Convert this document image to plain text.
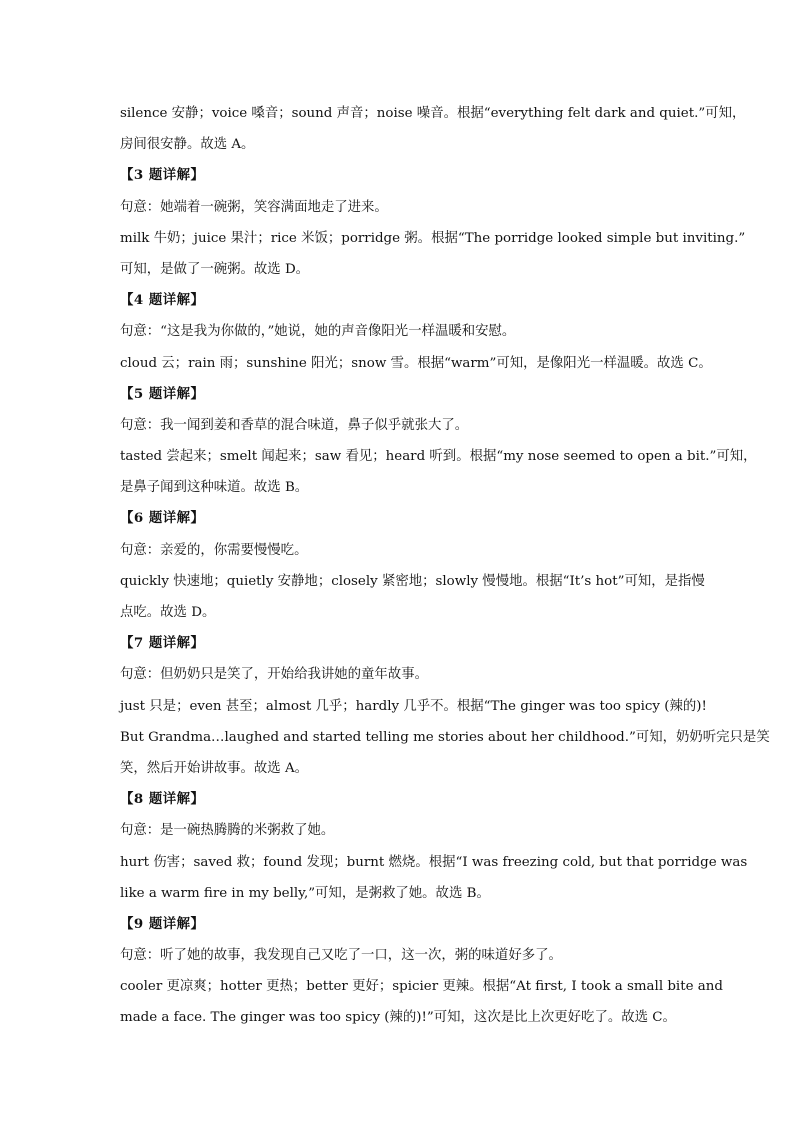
silence 安静；voice 嗓音；sound 声音；noise 噪音。根据“everything felt dark and quiet.”可知，
房间很安静。故选 A。
【3 题详解】
句意：她端着一碗粥，笑容满面地走了进来。
milk 牛奶；juice 果汁；rice 米饭；porridge 粥。根据“The porridge looked simple but inviting.”
可知，是做了一碗粥。故选 D。
【4 题详解】
句意：“这是我为你做的，”她说，她的声音像阳光一样温暖和安慰。
cloud 云；rain 雨；sunshine 阳光；snow 雪。根据“warm”可知，是像阳光一样温暖。故选 C。
【5 题详解】
句意：我一闻到姜和香草的混合味道，鼻子似乎就张大了。
tasted 尝起来；smelt 闻起来；saw 看见；heard 听到。根据“my nose seemed to open a bit.”可知，
是鼻子闻到这种味道。故选 B。
【6 题详解】
句意：亲爱的，你需要慢慢吃。
quickly 快速地；quietly 安静地；closely 紧密地；slowly 慢慢地。根据“It’s hot”可知，是指慢
点吃。故选 D。
【7 题详解】
句意：但奶奶只是笑了，开始给我讲她的童年故事。
just 只是；even 甚至；almost 几乎；hardly 几乎不。根据“The ginger was too spicy (辣的)!
But Grandma…laughed and started telling me stories about her childhood.”可知，奶奶听完只是笑
笑，然后开始讲故事。故选 A。
【8 题详解】
句意：是一碗热腾腾的米粥救了她。
hurt 伤害；saved 救；found 发现；burnt 燃烧。根据“I was freezing cold, but that porridge was
like a warm fire in my belly,”可知，是粥救了她。故选 B。
【9 题详解】
句意：听了她的故事，我发现自己又吃了一口，这一次，粥的味道好多了。
cooler 更凉爽；hotter 更热；better 更好；spicier 更辣。根据“At first, I took a small bite and
made a face. The ginger was too spicy (辣的)!”可知，这次是比上次更好吃了。故选 C。
